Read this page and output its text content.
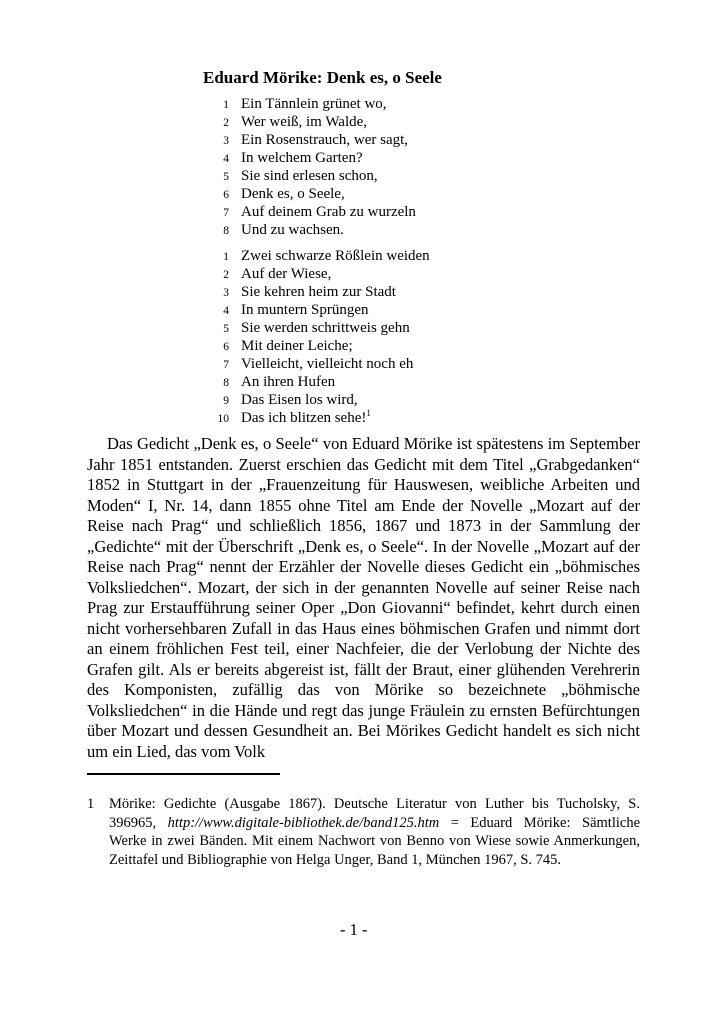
Eduard Mörike: Denk es, o Seele
1 Ein Tännlein grünet wo,
2 Wer weiß, im Walde,
3 Ein Rosenstrauch, wer sagt,
4 In welchem Garten?
5 Sie sind erlesen schon,
6 Denk es, o Seele,
7 Auf deinem Grab zu wurzeln
8 Und zu wachsen.
1 Zwei schwarze Rößlein weiden
2 Auf der Wiese,
3 Sie kehren heim zur Stadt
4 In muntern Sprüngen
5 Sie werden schrittweis gehn
6 Mit deiner Leiche;
7 Vielleicht, vielleicht noch eh
8 An ihren Hufen
9 Das Eisen los wird,
10 Das ich blitzen sehe!$^1$

Das Gedicht „Denk es, o Seele“ von Eduard Mörike ist spätestens im September Jahr 1851 entstanden. Zuerst erschien das Gedicht mit dem Titel „Grabgedanken“ 1852 in Stuttgart in der „Frauenzeitung für Hauswesen, weibliche Arbeiten und Moden“ I, Nr. 14, dann 1855 ohne Titel am Ende der Novelle „Mozart auf der Reise nach Prag“ und schließlich 1856, 1867 und 1873 in der Sammlung der „Gedichte“ mit der Überschrift „Denk es, o Seele“. In der Novelle „Mozart auf der Reise nach Prag“ nennt der Erzähler der Novelle dieses Gedicht ein „böhmisches Volksliedchen“. Mozart, der sich in der genannten Novelle auf seiner Reise nach Prag zur Erstaufführung seiner Oper „Don Giovanni“ befindet, kehrt durch einen nicht vorhersehbaren Zufall in das Haus eines böhmischen Grafen und nimmt dort an einem fröhlichen Fest teil, einer Nachfeier, die der Verlobung der Nichte des Grafen gilt. Als er bereits abgereist ist, fällt der Braut, einer glühenden Verehrerin des Komponisten, zufällig das von Mörike so bezeichnete „böhmische Volksliedchen“ in die Hände und regt das junge Fräulein zu ernsten Befürchtungen über Mozart und dessen Gesundheit an. Bei Mörikes Gedicht handelt es sich nicht um ein Lied, das vom Volk

1 Mörike: Gedichte (Ausgabe 1867). Deutsche Literatur von Luther bis Tucholsky, S. 396965, http://www.digitale-bibliothek.de/band125.htm = Eduard Mörike: Sämtliche Werke in zwei Bänden. Mit einem Nachwort von Benno von Wiese sowie Anmerkungen, Zeittafel und Bibliographie von Helga Unger, Band 1, München 1967, S. 745.
- 1 -
